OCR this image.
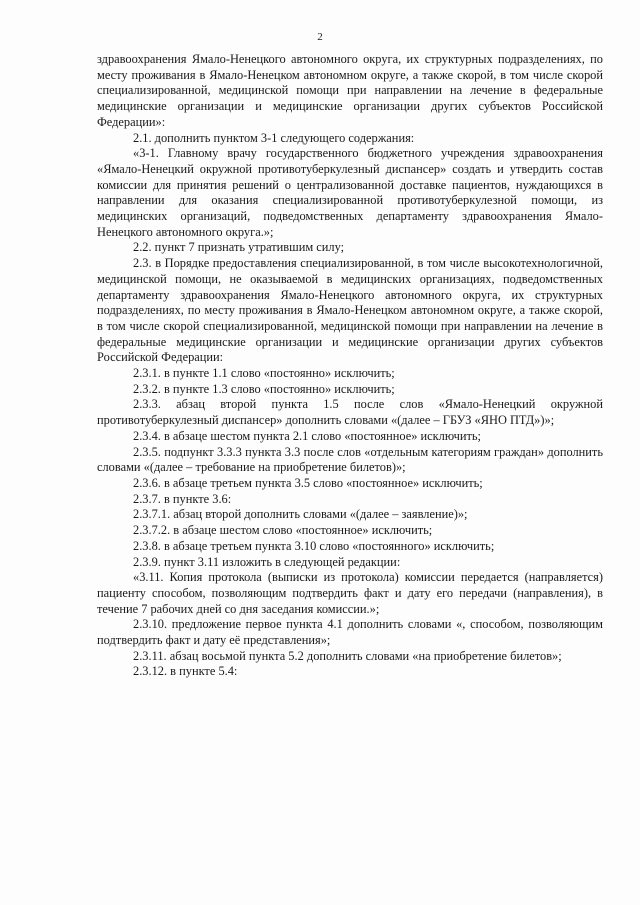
2

здравоохранения Ямало-Ненецкого автономного округа, их структурных подразделениях, по месту проживания в Ямало-Ненецком автономном округе, а также скорой, в том числе скорой специализированной, медицинской помощи при направлении на лечение в федеральные медицинские организации и медицинские организации других субъектов Российской Федерации»:

2.1. дополнить пунктом 3-1 следующего содержания:

«3-1. Главному врачу государственного бюджетного учреждения здравоохранения «Ямало-Ненецкий окружной противотуберкулезный диспансер» создать и утвердить состав комиссии для принятия решений о централизованной доставке пациентов, нуждающихся в направлении для оказания специализированной противотуберкулезной помощи, из медицинских организаций, подведомственных департаменту здравоохранения Ямало-Ненецкого автономного округа.»;

2.2. пункт 7 признать утратившим силу;

2.3. в Порядке предоставления специализированной, в том числе высокотехнологичной, медицинской помощи, не оказываемой в медицинских организациях, подведомственных департаменту здравоохранения Ямало-Ненецкого автономного округа, их структурных подразделениях, по месту проживания в Ямало-Ненецком автономном округе, а также скорой, в том числе скорой специализированной, медицинской помощи при направлении на лечение в федеральные медицинские организации и медицинские организации других субъектов Российской Федерации:

2.3.1. в пункте 1.1 слово «постоянно» исключить;

2.3.2. в пункте 1.3 слово «постоянно» исключить;

2.3.3. абзац второй пункта 1.5 после слов «Ямало-Ненецкий окружной противотуберкулезный диспансер» дополнить словами «(далее – ГБУЗ «ЯНО ПТД»)»;

2.3.4. в абзаце шестом пункта 2.1 слово «постоянное» исключить;

2.3.5. подпункт 3.3.3 пункта 3.3 после слов «отдельным категориям граждан» дополнить словами «(далее – требование на приобретение билетов)»;

2.3.6. в абзаце третьем пункта 3.5 слово «постоянное» исключить;

2.3.7. в пункте 3.6:

2.3.7.1. абзац второй дополнить словами «(далее – заявление)»;

2.3.7.2. в абзаце шестом слово «постоянное» исключить;

2.3.8. в абзаце третьем пункта 3.10 слово «постоянного» исключить;

2.3.9. пункт 3.11 изложить в следующей редакции:

«3.11. Копия протокола (выписки из протокола) комиссии передается (направляется) пациенту способом, позволяющим подтвердить факт и дату его передачи (направления), в течение 7 рабочих дней со дня заседания комиссии.»;

2.3.10. предложение первое пункта 4.1 дополнить словами «, способом, позволяющим подтвердить факт и дату её представления»;

2.3.11. абзац восьмой пункта 5.2 дополнить словами «на приобретение билетов»;

2.3.12. в пункте 5.4:
